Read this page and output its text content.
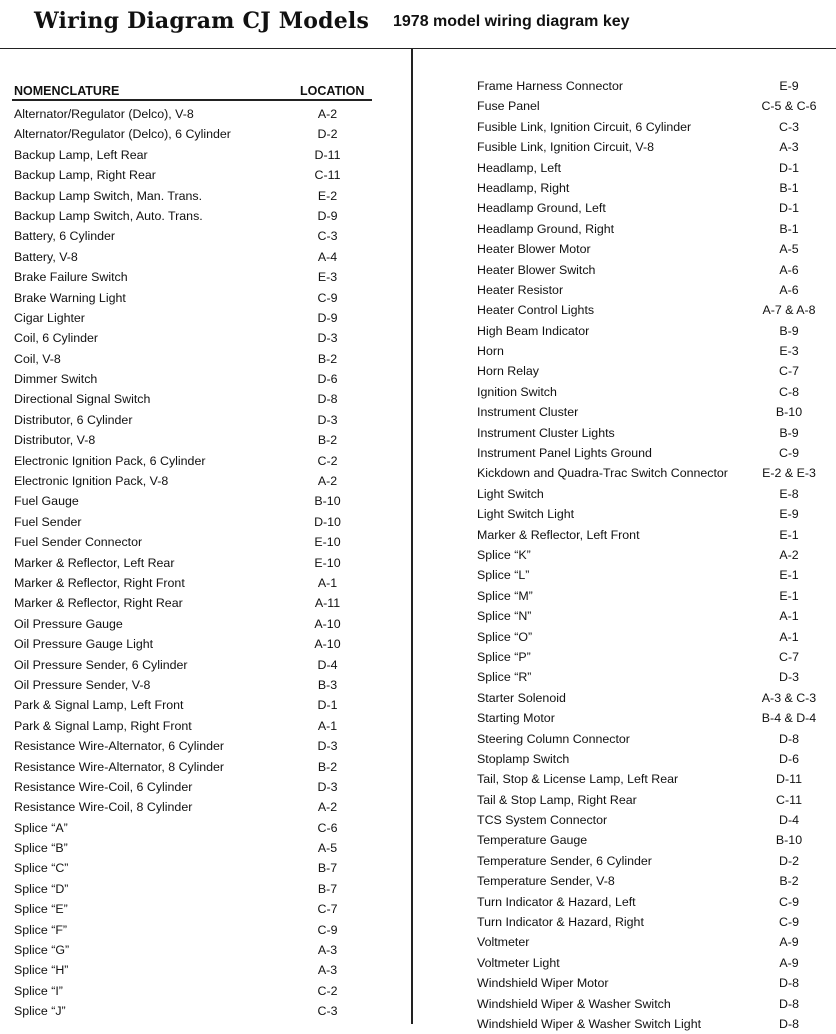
Wiring Diagram CJ Models 1978 model wiring diagram key
NOMENCLATURE	LOCATION
Alternator/Regulator (Delco), V-8	A-2
Alternator/Regulator (Delco), 6 Cylinder	D-2
Backup Lamp, Left Rear	D-11
Backup Lamp, Right Rear	C-11
Backup Lamp Switch, Man. Trans.	E-2
Backup Lamp Switch, Auto. Trans.	D-9
Battery, 6 Cylinder	C-3
Battery, V-8	A-4
Brake Failure Switch	E-3
Brake Warning Light	C-9
Cigar Lighter	D-9
Coil, 6 Cylinder	D-3
Coil, V-8	B-2
Dimmer Switch	D-6
Directional Signal Switch	D-8
Distributor, 6 Cylinder	D-3
Distributor, V-8	B-2
Electronic Ignition Pack, 6 Cylinder	C-2
Electronic Ignition Pack, V-8	A-2
Fuel Gauge	B-10
Fuel Sender	D-10
Fuel Sender Connector	E-10
Marker & Reflector, Left Rear	E-10
Marker & Reflector, Right Front	A-1
Marker & Reflector, Right Rear	A-11
Oil Pressure Gauge	A-10
Oil Pressure Gauge Light	A-10
Oil Pressure Sender, 6 Cylinder	D-4
Oil Pressure Sender, V-8	B-3
Park & Signal Lamp, Left Front	D-1
Park & Signal Lamp, Right Front	A-1
Resistance Wire-Alternator, 6 Cylinder	D-3
Resistance Wire-Alternator, 8 Cylinder	B-2
Resistance Wire-Coil, 6 Cylinder	D-3
Resistance Wire-Coil, 8 Cylinder	A-2
Splice “A”	C-6
Splice “B”	A-5
Splice “C”	B-7
Splice “D”	B-7
Splice “E”	C-7
Splice “F”	C-9
Splice “G”	A-3
Splice “H”	A-3
Splice “I”	C-2
Splice “J”	C-3
Frame Harness Connector	E-9
Fuse Panel	C-5 & C-6
Fusible Link, Ignition Circuit, 6 Cylinder	C-3
Fusible Link, Ignition Circuit, V-8	A-3
Headlamp, Left	D-1
Headlamp, Right	B-1
Headlamp Ground, Left	D-1
Headlamp Ground, Right	B-1
Heater Blower Motor	A-5
Heater Blower Switch	A-6
Heater Resistor	A-6
Heater Control Lights	A-7 & A-8
High Beam Indicator	B-9
Horn	E-3
Horn Relay	C-7
Ignition Switch	C-8
Instrument Cluster	B-10
Instrument Cluster Lights	B-9
Instrument Panel Lights Ground	C-9
Kickdown and Quadra-Trac Switch Connector	E-2 & E-3
Light Switch	E-8
Light Switch Light	E-9
Marker & Reflector, Left Front	E-1
Splice “K”	A-2
Splice “L”	E-1
Splice “M”	E-1
Splice “N”	A-1
Splice “O”	A-1
Splice “P”	C-7
Splice “R”	D-3
Starter Solenoid	A-3 & C-3
Starting Motor	B-4 & D-4
Steering Column Connector	D-8
Stoplamp Switch	D-6
Tail, Stop & License Lamp, Left Rear	D-11
Tail & Stop Lamp, Right Rear	C-11
TCS System Connector	D-4
Temperature Gauge	B-10
Temperature Sender, 6 Cylinder	D-2
Temperature Sender, V-8	B-2
Turn Indicator & Hazard, Left	C-9
Turn Indicator & Hazard, Right	C-9
Voltmeter	A-9
Voltmeter Light	A-9
Windshield Wiper Motor	D-8
Windshield Wiper & Washer Switch	D-8
Windshield Wiper & Washer Switch Light	D-8
